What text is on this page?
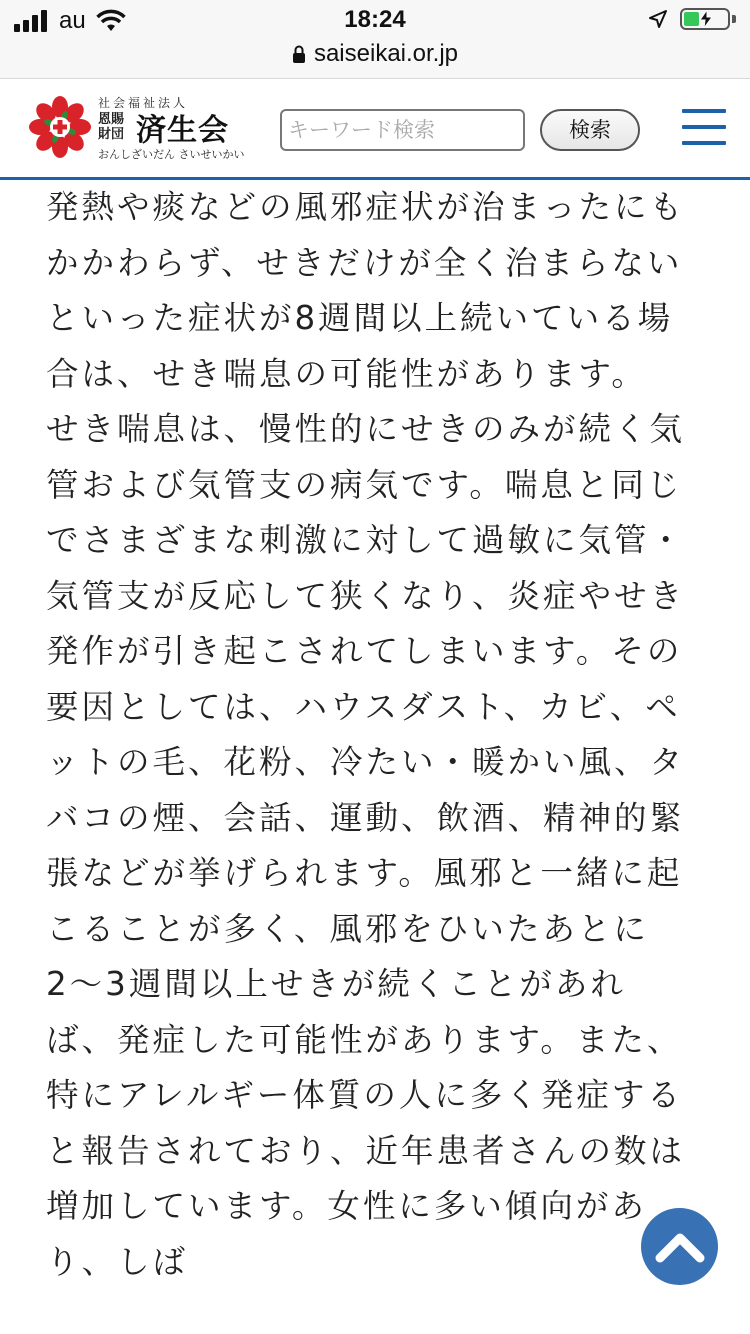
au	18:24
saiseikai.or.jp
社会福祉法人
恩賜財団 済生会
おんしざいだん さいせいかい
キーワード検索
検索

発熱や痰などの風邪症状が治まったにもかかわらず、せきだけが全く治まらないといった症状が8週間以上続いている場合は、せき喘息の可能性があります。

せき喘息は、慢性的にせきのみが続く気管および気管支の病気です。喘息と同じでさまざまな刺激に対して過敏に気管・気管支が反応して狭くなり、炎症やせき発作が引き起こされてしまいます。その要因としては、ハウスダスト、カビ、ペットの毛、花粉、冷たい・暖かい風、タバコの煙、会話、運動、飲酒、精神的緊張などが挙げられます。風邪と一緒に起こることが多く、風邪をひいたあとに2〜3週間以上せきが続くことがあれば、発症した可能性があります。また、特にアレルギー体質の人に多く発症すると報告されており、近年患者さんの数は増加しています。女性に多い傾向があり、しば
